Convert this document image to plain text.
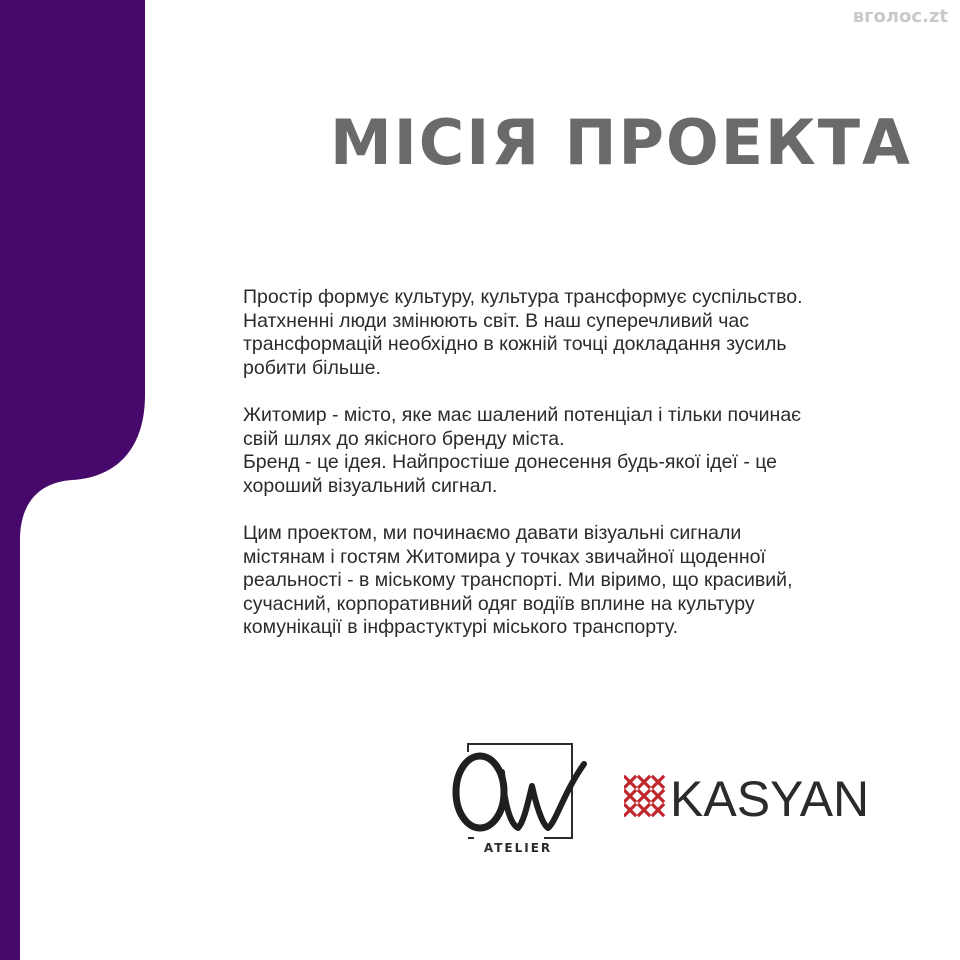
вголос.zt
МІСІЯ ПРОЕКТА

Простір формує культуру, культура трансформує суспільство.
Натхненні люди змінюють світ. В наш суперечливий час
трансформацій необхідно в кожній точці докладання зусиль
робити більше.

Житомир - місто, яке має шалений потенціал і тільки починає
свій шлях до якісного бренду міста.
Бренд - це ідея. Найпростіше донесення будь-якої ідеї - це
хороший візуальний сигнал.

Цим проектом, ми починаємо давати візуальні сигнали
містянам і гостям Житомира у точках звичайної щоденної
реальності - в міському транспорті. Ми віримо, що красивий,
сучасний, корпоративний одяг водіїв вплине на культуру
комунікації в інфрастуктурі міського транспорту.

ATELIER
KASYAN
